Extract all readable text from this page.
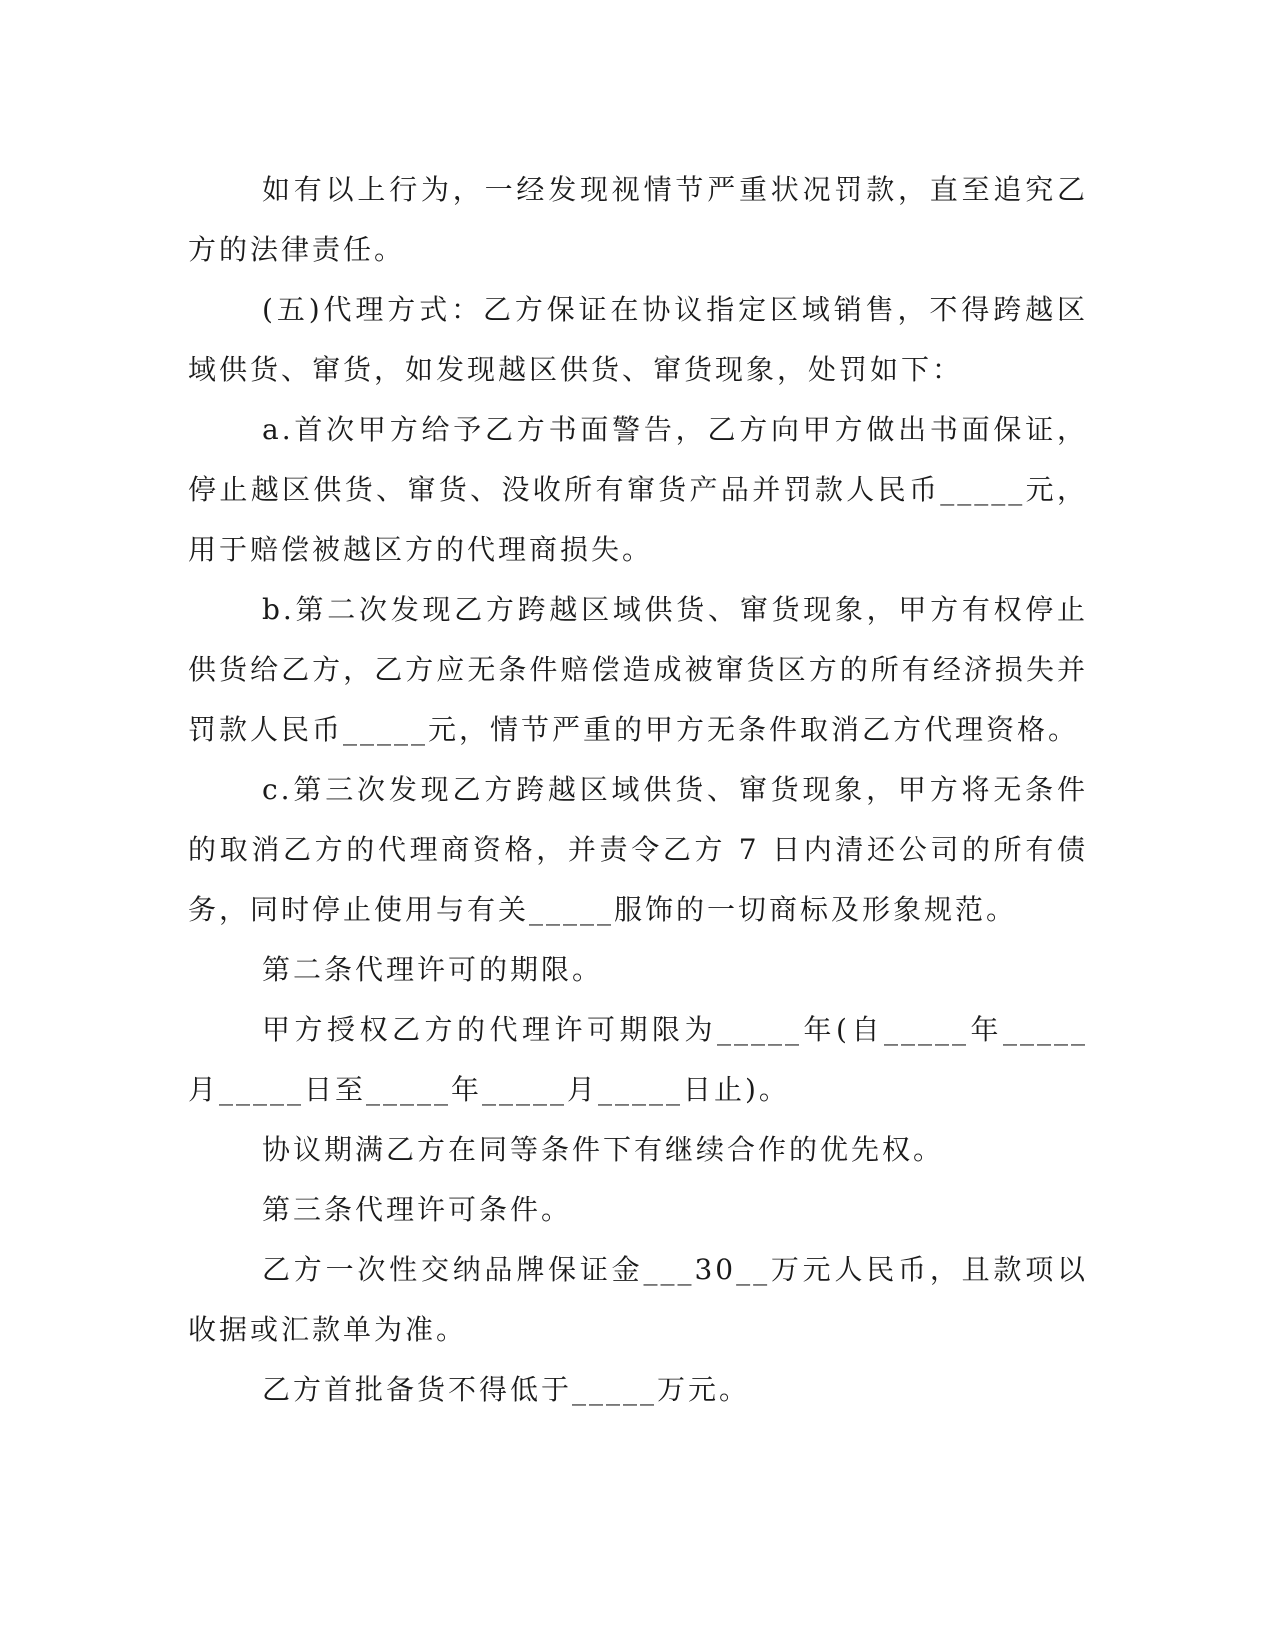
如有以上行为，一经发现视情节严重状况罚款，直至追究乙方的法律责任。

(五)代理方式：乙方保证在协议指定区域销售，不得跨越区域供货、窜货，如发现越区供货、窜货现象，处罚如下：

a.首次甲方给予乙方书面警告，乙方向甲方做出书面保证，停止越区供货、窜货、没收所有窜货产品并罚款人民币_____元，用于赔偿被越区方的代理商损失。

b.第二次发现乙方跨越区域供货、窜货现象，甲方有权停止供货给乙方，乙方应无条件赔偿造成被窜货区方的所有经济损失并罚款人民币_____元，情节严重的甲方无条件取消乙方代理资格。

c.第三次发现乙方跨越区域供货、窜货现象，甲方将无条件的取消乙方的代理商资格，并责令乙方 7 日内清还公司的所有债务，同时停止使用与有关_____服饰的一切商标及形象规范。

第二条代理许可的期限。

甲方授权乙方的代理许可期限为_____年(自_____年_____月_____日至_____年_____月_____日止)。

协议期满乙方在同等条件下有继续合作的优先权。

第三条代理许可条件。

乙方一次性交纳品牌保证金___30__万元人民币，且款项以收据或汇款单为准。

乙方首批备货不得低于_____万元。
